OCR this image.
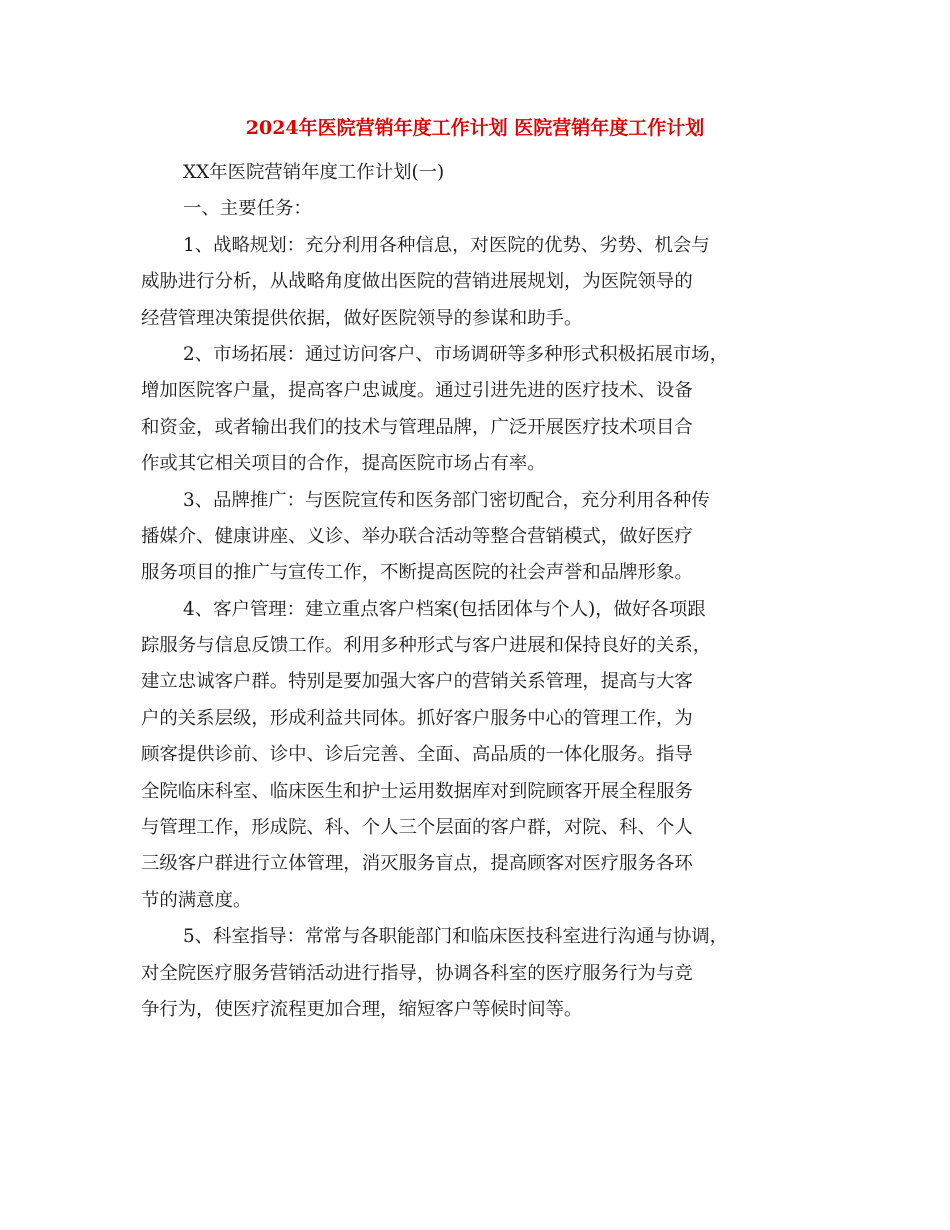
2024年医院营销年度工作计划 医院营销年度工作计划
XX年医院营销年度工作计划(一)
一、主要任务：
1、战略规划：充分利用各种信息，对医院的优势、劣势、机会与
威胁进行分析，从战略角度做出医院的营销进展规划，为医院领导的
经营管理决策提供依据，做好医院领导的参谋和助手。
2、市场拓展：通过访问客户、市场调研等多种形式积极拓展市场，
增加医院客户量，提高客户忠诚度。通过引进先进的医疗技术、设备
和资金，或者输出我们的技术与管理品牌，广泛开展医疗技术项目合
作或其它相关项目的合作，提高医院市场占有率。
3、品牌推广：与医院宣传和医务部门密切配合，充分利用各种传
播媒介、健康讲座、义诊、举办联合活动等整合营销模式，做好医疗
服务项目的推广与宣传工作，不断提高医院的社会声誉和品牌形象。
4、客户管理：建立重点客户档案(包括团体与个人)，做好各项跟
踪服务与信息反馈工作。利用多种形式与客户进展和保持良好的关系，
建立忠诚客户群。特别是要加强大客户的营销关系管理，提高与大客
户的关系层级，形成利益共同体。抓好客户服务中心的管理工作，为
顾客提供诊前、诊中、诊后完善、全面、高品质的一体化服务。指导
全院临床科室、临床医生和护士运用数据库对到院顾客开展全程服务
与管理工作，形成院、科、个人三个层面的客户群，对院、科、个人
三级客户群进行立体管理，消灭服务盲点，提高顾客对医疗服务各环
节的满意度。
5、科室指导：常常与各职能部门和临床医技科室进行沟通与协调，
对全院医疗服务营销活动进行指导，协调各科室的医疗服务行为与竞
争行为，使医疗流程更加合理，缩短客户等候时间等。
